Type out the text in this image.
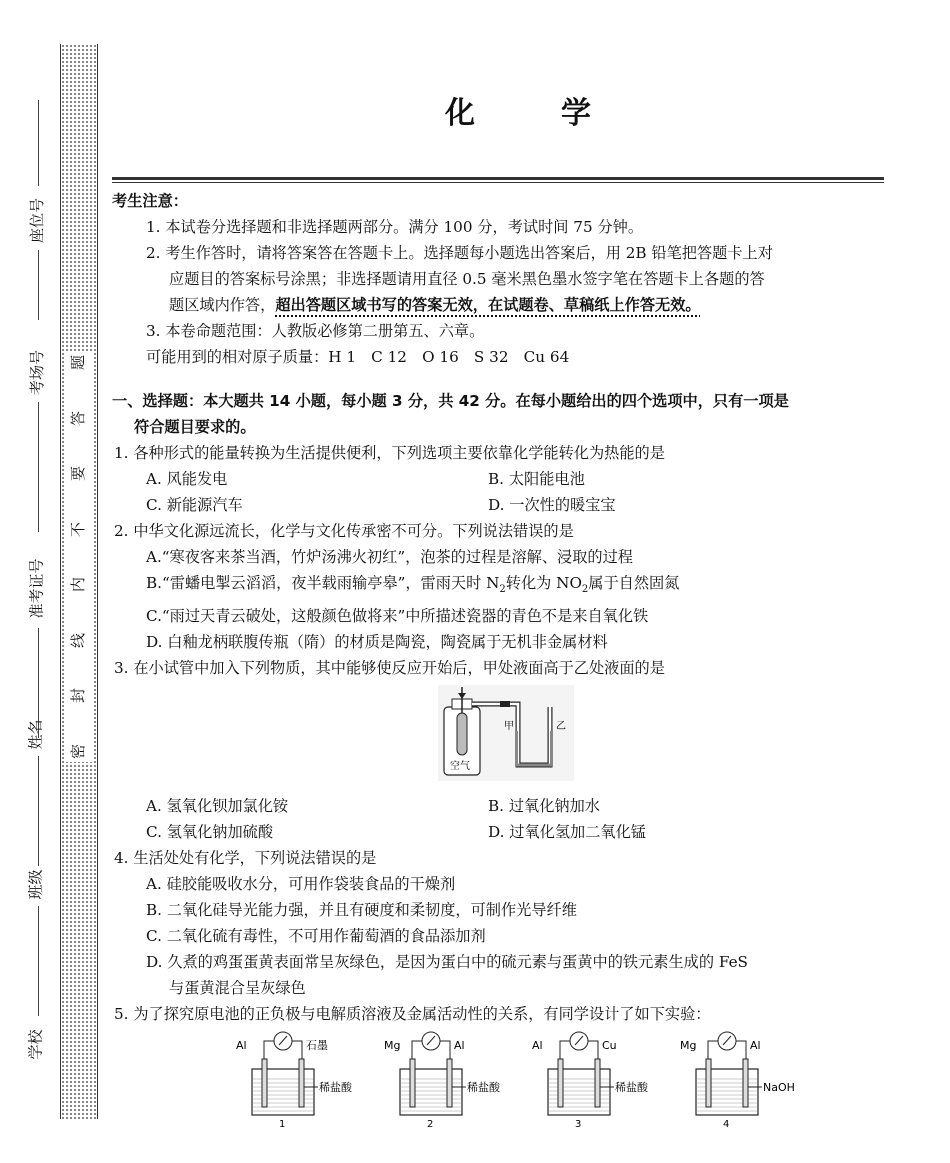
题
答
要
不
内
线
封
密
座位号
考场号
准考证号
姓名
班级
学校
化学

考生注意：

1. 本试卷分选择题和非选择题两部分。满分 100 分，考试时间 75 分钟。

2. 考生作答时，请将答案答在答题卡上。选择题每小题选出答案后，用 2B 铅笔把答题卡上对

应题目的答案标号涂黑；非选择题请用直径 0.5 毫米黑色墨水签字笔在答题卡上各题的答

题区域内作答，超出答题区域书写的答案无效，在试题卷、草稿纸上作答无效。

3. 本卷命题范围：人教版必修第二册第五、六章。

可能用到的相对原子质量：H 1　C 12　O 16　S 32　Cu 64

一、选择题：本大题共 14 小题，每小题 3 分，共 42 分。在每小题给出的四个选项中，只有一项是

符合题目要求的。

1. 各种形式的能量转换为生活提供便利，下列选项主要依靠化学能转化为热能的是

A. 风能发电	B. 太阳能电池
C. 新能源汽车	D. 一次性的暖宝宝

2. 中华文化源远流长，化学与文化传承密不可分。下列说法错误的是

A.“寒夜客来茶当酒，竹炉汤沸火初红”，泡茶的过程是溶解、浸取的过程

B.“雷蟠电掣云滔滔，夜半载雨输亭皋”，雷雨天时 $N_2$转化为 $NO_2$属于自然固氮

C.“雨过天青云破处，这般颜色做将来”中所描述瓷器的青色不是来自氧化铁

D. 白釉龙柄联腹传瓶（隋）的材质是陶瓷，陶瓷属于无机非金属材料

3. 在小试管中加入下列物质，其中能够使反应开始后，甲处液面高于乙处液面的是

甲	乙
空气
A. 氢氧化钡加氯化铵	B. 过氧化钠加水
C. 氢氧化钠加硫酸	D. 过氧化氢加二氧化锰

4. 生活处处有化学，下列说法错误的是

A. 硅胶能吸收水分，可用作袋装食品的干燥剂

B. 二氧化硅导光能力强，并且有硬度和柔韧度，可制作光导纤维

C. 二氧化硫有毒性，不可用作葡萄酒的食品添加剂

D. 久煮的鸡蛋蛋黄表面常呈灰绿色，是因为蛋白中的硫元素与蛋黄中的铁元素生成的 FeS

与蛋黄混合呈灰绿色

5. 为了探究原电池的正负极与电解质溶液及金属活动性的关系，有同学设计了如下实验：

Al	石墨
稀盐酸
1
Mg	Al
稀盐酸
2
Al	Cu
稀盐酸
3
Mg	Al
NaOH
4
